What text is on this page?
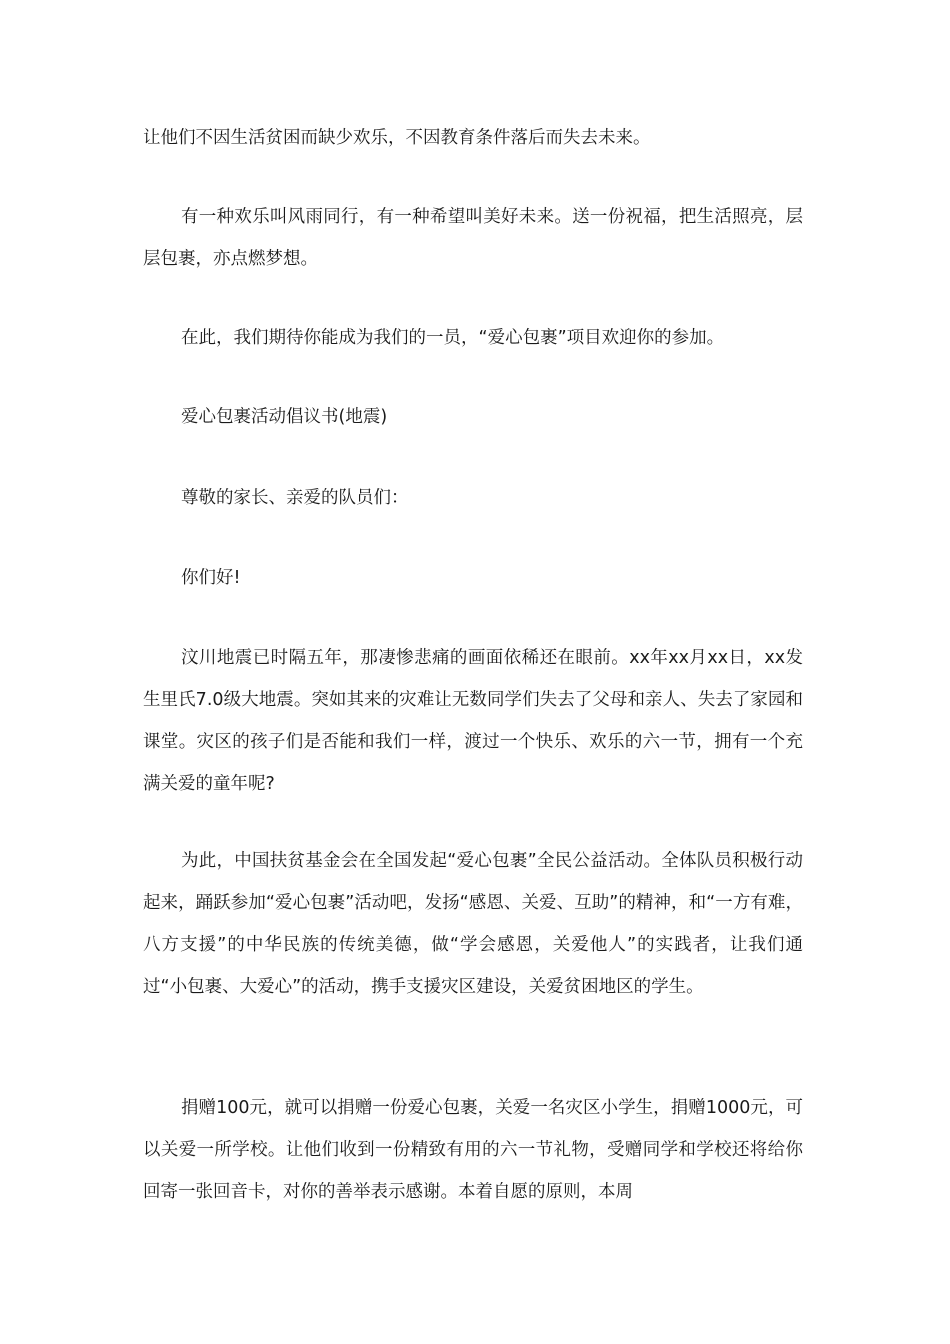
让他们不因生活贫困而缺少欢乐，不因教育条件落后而失去未来。

有一种欢乐叫风雨同行，有一种希望叫美好未来。送一份祝福，把生活照亮，层层包裹，亦点燃梦想。

在此，我们期待你能成为我们的一员，“爱心包裹”项目欢迎你的参加。

爱心包裹活动倡议书(地震)

尊敬的家长、亲爱的队员们：

你们好!

汶川地震已时隔五年，那凄惨悲痛的画面依稀还在眼前。xx年xx月xx日，xx发生里氏7.0级大地震。突如其来的灾难让无数同学们失去了父母和亲人、失去了家园和课堂。灾区的孩子们是否能和我们一样，渡过一个快乐、欢乐的六一节，拥有一个充满关爱的童年呢?

为此，中国扶贫基金会在全国发起“爱心包裹”全民公益活动。全体队员积极行动起来，踊跃参加“爱心包裹”活动吧，发扬“感恩、关爱、互助”的精神，和“一方有难，八方支援”的中华民族的传统美德，做“学会感恩，关爱他人”的实践者，让我们通过“小包裹、大爱心”的活动，携手支援灾区建设，关爱贫困地区的学生。

捐赠100元，就可以捐赠一份爱心包裹，关爱一名灾区小学生，捐赠1000元，可以关爱一所学校。让他们收到一份精致有用的六一节礼物，受赠同学和学校还将给你回寄一张回音卡，对你的善举表示感谢。本着自愿的原则，本周
